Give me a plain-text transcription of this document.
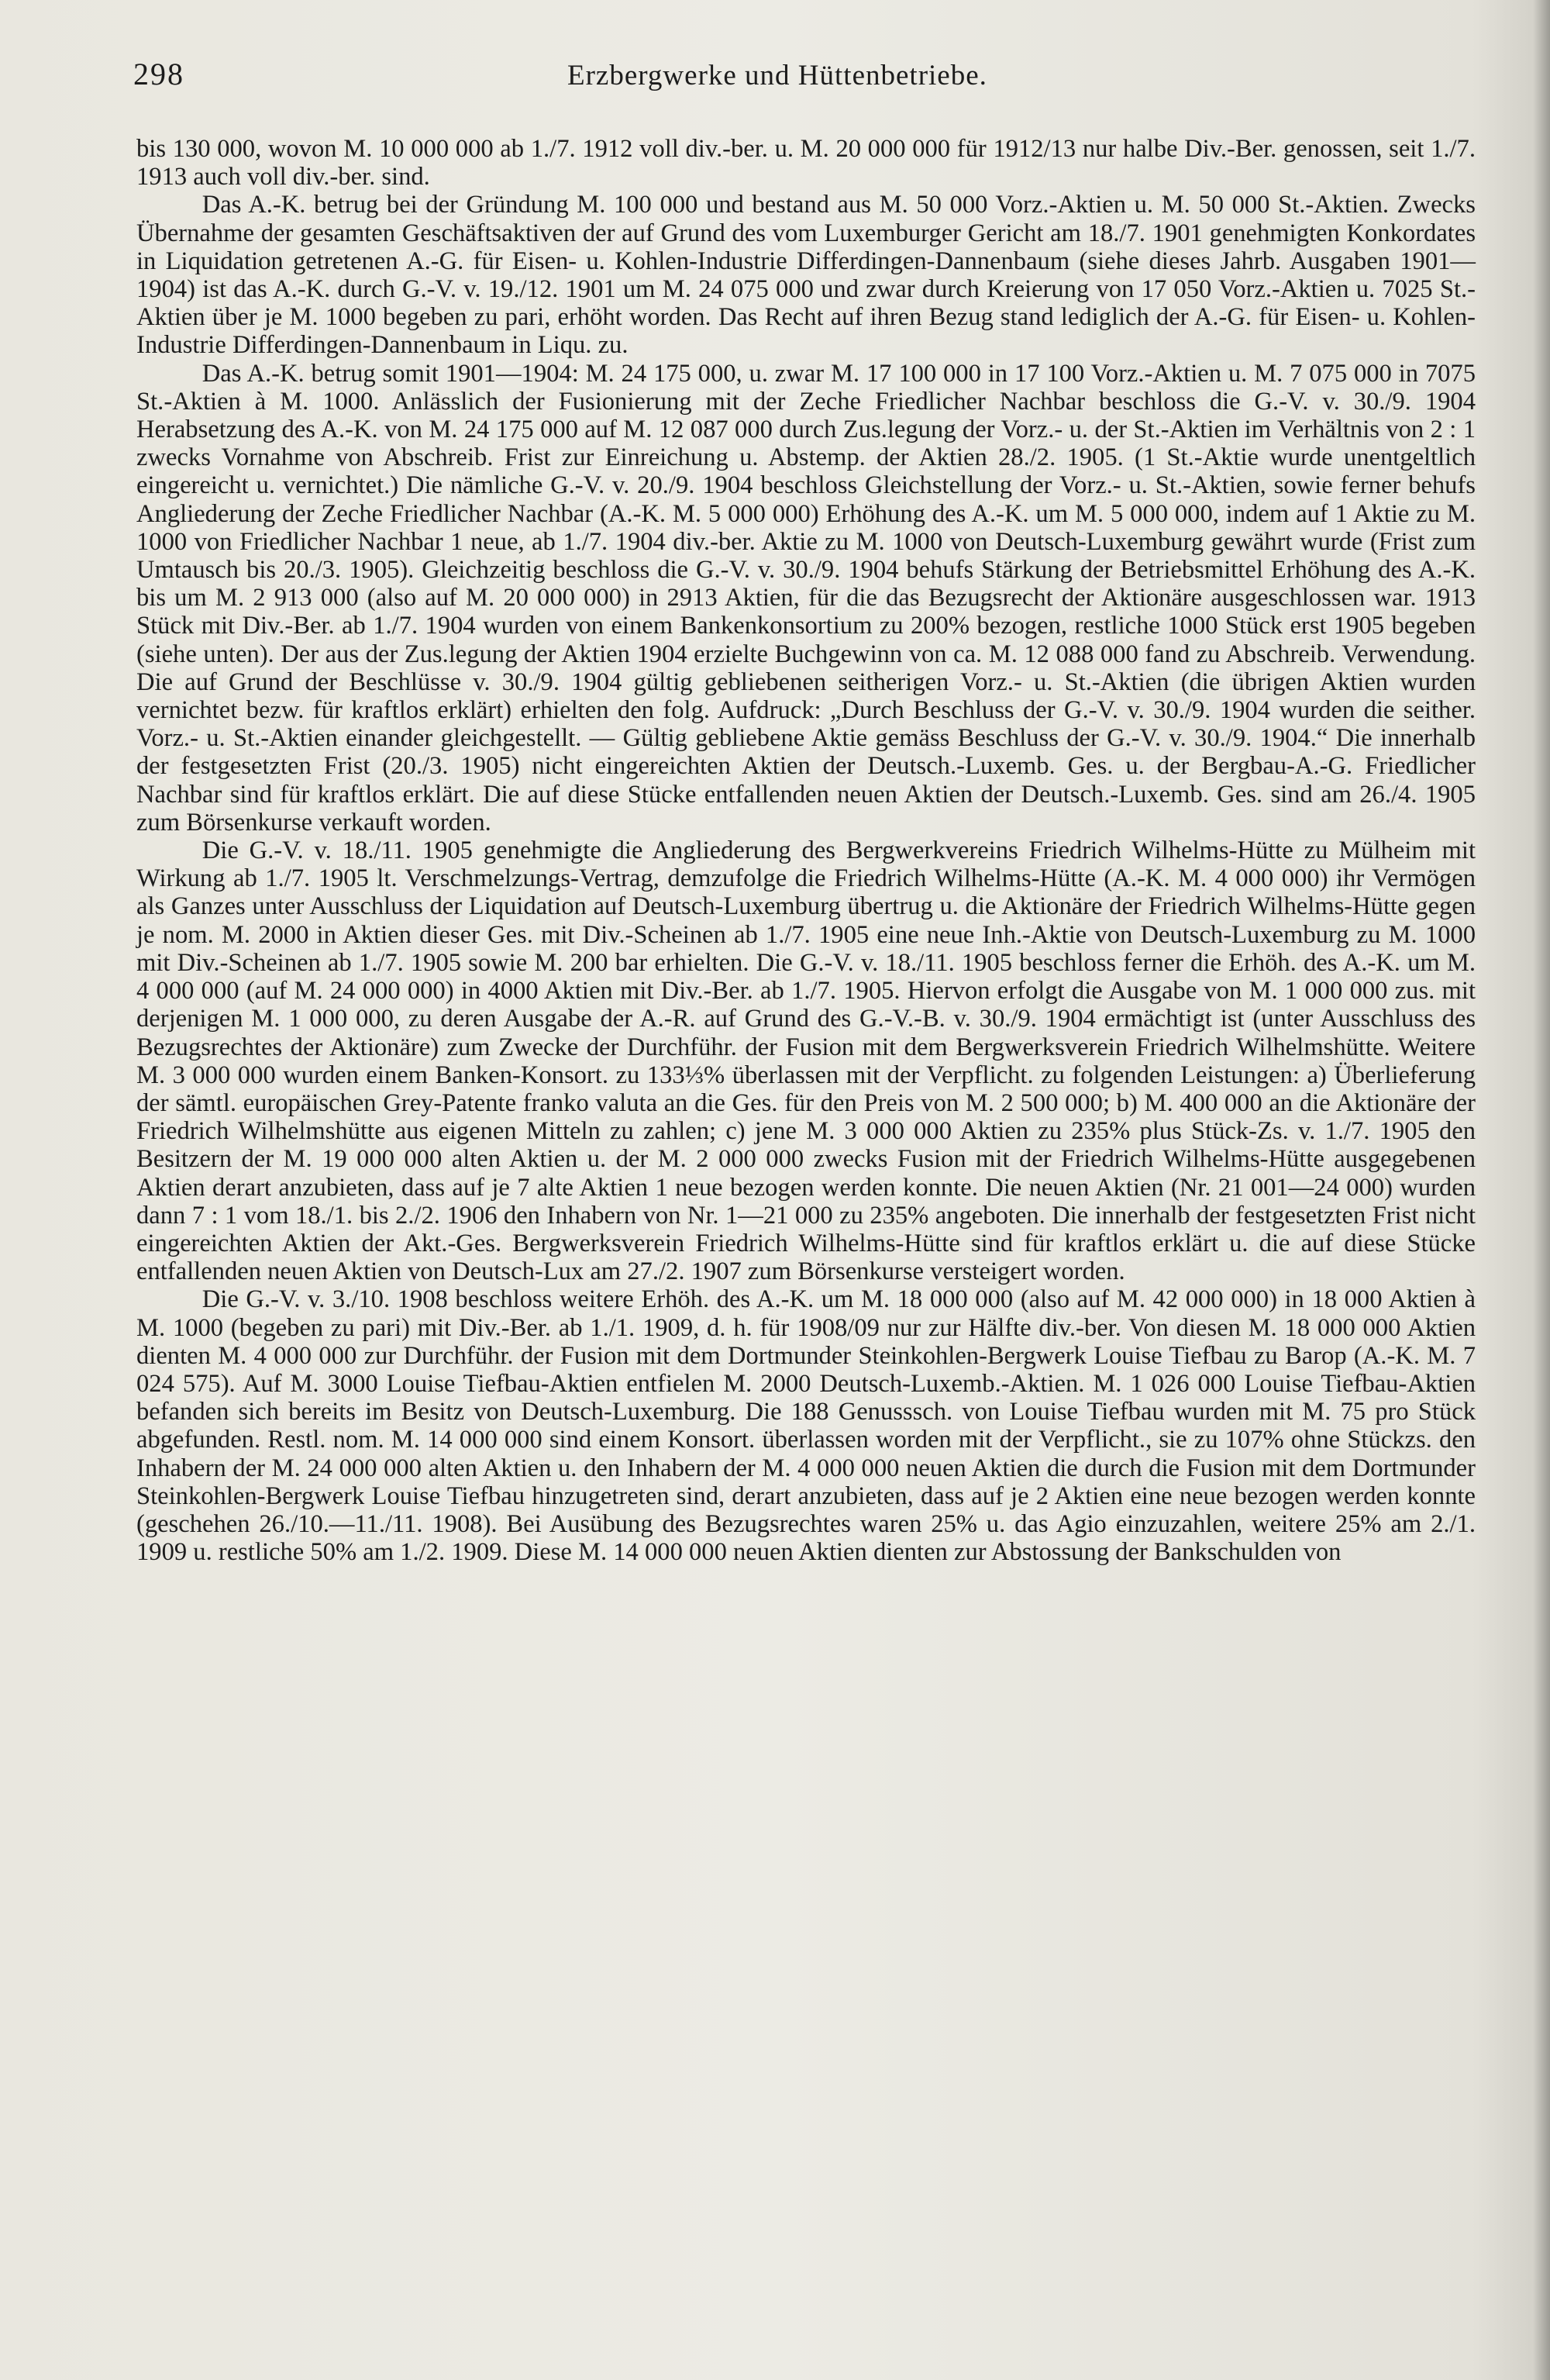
298	Erzbergwerke und Hüttenbetriebe.

bis 130 000, wovon M. 10 000 000 ab 1./7. 1912 voll div.-ber. u. M. 20 000 000 für 1912/13 nur halbe Div.-Ber. genossen, seit 1./7. 1913 auch voll div.-ber. sind.

Das A.-K. betrug bei der Gründung M. 100 000 und bestand aus M. 50 000 Vorz.-Aktien u. M. 50 000 St.-Aktien. Zwecks Übernahme der gesamten Geschäftsaktiven der auf Grund des vom Luxemburger Gericht am 18./7. 1901 genehmigten Konkordates in Liquidation getretenen A.-G. für Eisen- u. Kohlen-Industrie Differdingen-Dannenbaum (siehe dieses Jahrb. Ausgaben 1901—1904) ist das A.-K. durch G.-V. v. 19./12. 1901 um M. 24 075 000 und zwar durch Kreierung von 17 050 Vorz.-Aktien u. 7025 St.-Aktien über je M. 1000 begeben zu pari, erhöht worden. Das Recht auf ihren Bezug stand lediglich der A.-G. für Eisen- u. Kohlen-Industrie Differdingen-Dannenbaum in Liqu. zu.

Das A.-K. betrug somit 1901—1904: M. 24 175 000, u. zwar M. 17 100 000 in 17 100 Vorz.-Aktien u. M. 7 075 000 in 7075 St.-Aktien à M. 1000. Anlässlich der Fusionierung mit der Zeche Friedlicher Nachbar beschloss die G.-V. v. 30./9. 1904 Herabsetzung des A.-K. von M. 24 175 000 auf M. 12 087 000 durch Zus.legung der Vorz.- u. der St.-Aktien im Verhältnis von 2 : 1 zwecks Vornahme von Abschreib. Frist zur Einreichung u. Abstemp. der Aktien 28./2. 1905. (1 St.-Aktie wurde unentgeltlich eingereicht u. vernichtet.) Die nämliche G.-V. v. 20./9. 1904 beschloss Gleichstellung der Vorz.- u. St.-Aktien, sowie ferner behufs Angliederung der Zeche Friedlicher Nachbar (A.-K. M. 5 000 000) Erhöhung des A.-K. um M. 5 000 000, indem auf 1 Aktie zu M. 1000 von Friedlicher Nachbar 1 neue, ab 1./7. 1904 div.-ber. Aktie zu M. 1000 von Deutsch-Luxemburg gewährt wurde (Frist zum Umtausch bis 20./3. 1905). Gleichzeitig beschloss die G.-V. v. 30./9. 1904 behufs Stärkung der Betriebsmittel Erhöhung des A.-K. bis um M. 2 913 000 (also auf M. 20 000 000) in 2913 Aktien, für die das Bezugsrecht der Aktionäre ausgeschlossen war. 1913 Stück mit Div.-Ber. ab 1./7. 1904 wurden von einem Bankenkonsortium zu 200% bezogen, restliche 1000 Stück erst 1905 begeben (siehe unten). Der aus der Zus.legung der Aktien 1904 erzielte Buchgewinn von ca. M. 12 088 000 fand zu Abschreib. Verwendung. Die auf Grund der Beschlüsse v. 30./9. 1904 gültig gebliebenen seitherigen Vorz.- u. St.-Aktien (die übrigen Aktien wurden vernichtet bezw. für kraftlos erklärt) erhielten den folg. Aufdruck: „Durch Beschluss der G.-V. v. 30./9. 1904 wurden die seither. Vorz.- u. St.-Aktien einander gleichgestellt. — Gültig gebliebene Aktie gemäss Beschluss der G.-V. v. 30./9. 1904.“ Die innerhalb der festgesetzten Frist (20./3. 1905) nicht eingereichten Aktien der Deutsch.-Luxemb. Ges. u. der Bergbau-A.-G. Friedlicher Nachbar sind für kraftlos erklärt. Die auf diese Stücke entfallenden neuen Aktien der Deutsch.-Luxemb. Ges. sind am 26./4. 1905 zum Börsenkurse verkauft worden.

Die G.-V. v. 18./11. 1905 genehmigte die Angliederung des Bergwerkvereins Friedrich Wilhelms-Hütte zu Mülheim mit Wirkung ab 1./7. 1905 lt. Verschmelzungs-Vertrag, demzufolge die Friedrich Wilhelms-Hütte (A.-K. M. 4 000 000) ihr Vermögen als Ganzes unter Ausschluss der Liquidation auf Deutsch-Luxemburg übertrug u. die Aktionäre der Friedrich Wilhelms-Hütte gegen je nom. M. 2000 in Aktien dieser Ges. mit Div.-Scheinen ab 1./7. 1905 eine neue Inh.-Aktie von Deutsch-Luxemburg zu M. 1000 mit Div.-Scheinen ab 1./7. 1905 sowie M. 200 bar erhielten. Die G.-V. v. 18./11. 1905 beschloss ferner die Erhöh. des A.-K. um M. 4 000 000 (auf M. 24 000 000) in 4000 Aktien mit Div.-Ber. ab 1./7. 1905. Hiervon erfolgt die Ausgabe von M. 1 000 000 zus. mit derjenigen M. 1 000 000, zu deren Ausgabe der A.-R. auf Grund des G.-V.-B. v. 30./9. 1904 ermächtigt ist (unter Ausschluss des Bezugsrechtes der Aktionäre) zum Zwecke der Durchführ. der Fusion mit dem Bergwerksverein Friedrich Wilhelmshütte. Weitere M. 3 000 000 wurden einem Banken-Konsort. zu 133⅓% überlassen mit der Verpflicht. zu folgenden Leistungen: a) Überlieferung der sämtl. europäischen Grey-Patente franko valuta an die Ges. für den Preis von M. 2 500 000; b) M. 400 000 an die Aktionäre der Friedrich Wilhelmshütte aus eigenen Mitteln zu zahlen; c) jene M. 3 000 000 Aktien zu 235% plus Stück-Zs. v. 1./7. 1905 den Besitzern der M. 19 000 000 alten Aktien u. der M. 2 000 000 zwecks Fusion mit der Friedrich Wilhelms-Hütte ausgegebenen Aktien derart anzubieten, dass auf je 7 alte Aktien 1 neue bezogen werden konnte. Die neuen Aktien (Nr. 21 001—24 000) wurden dann 7 : 1 vom 18./1. bis 2./2. 1906 den Inhabern von Nr. 1—21 000 zu 235% angeboten. Die innerhalb der festgesetzten Frist nicht eingereichten Aktien der Akt.-Ges. Bergwerksverein Friedrich Wilhelms-Hütte sind für kraftlos erklärt u. die auf diese Stücke entfallenden neuen Aktien von Deutsch-Lux am 27./2. 1907 zum Börsenkurse versteigert worden.

Die G.-V. v. 3./10. 1908 beschloss weitere Erhöh. des A.-K. um M. 18 000 000 (also auf M. 42 000 000) in 18 000 Aktien à M. 1000 (begeben zu pari) mit Div.-Ber. ab 1./1. 1909, d. h. für 1908/09 nur zur Hälfte div.-ber. Von diesen M. 18 000 000 Aktien dienten M. 4 000 000 zur Durchführ. der Fusion mit dem Dortmunder Steinkohlen-Bergwerk Louise Tiefbau zu Barop (A.-K. M. 7 024 575). Auf M. 3000 Louise Tiefbau-Aktien entfielen M. 2000 Deutsch-Luxemb.-Aktien. M. 1 026 000 Louise Tiefbau-Aktien befanden sich bereits im Besitz von Deutsch-Luxemburg. Die 188 Genusssch. von Louise Tiefbau wurden mit M. 75 pro Stück abgefunden. Restl. nom. M. 14 000 000 sind einem Konsort. überlassen worden mit der Verpflicht., sie zu 107% ohne Stückzs. den Inhabern der M. 24 000 000 alten Aktien u. den Inhabern der M. 4 000 000 neuen Aktien die durch die Fusion mit dem Dortmunder Steinkohlen-Bergwerk Louise Tiefbau hinzugetreten sind, derart anzubieten, dass auf je 2 Aktien eine neue bezogen werden konnte (geschehen 26./10.—11./11. 1908). Bei Ausübung des Bezugsrechtes waren 25% u. das Agio einzuzahlen, weitere 25% am 2./1. 1909 u. restliche 50% am 1./2. 1909. Diese M. 14 000 000 neuen Aktien dienten zur Abstossung der Bankschulden von
